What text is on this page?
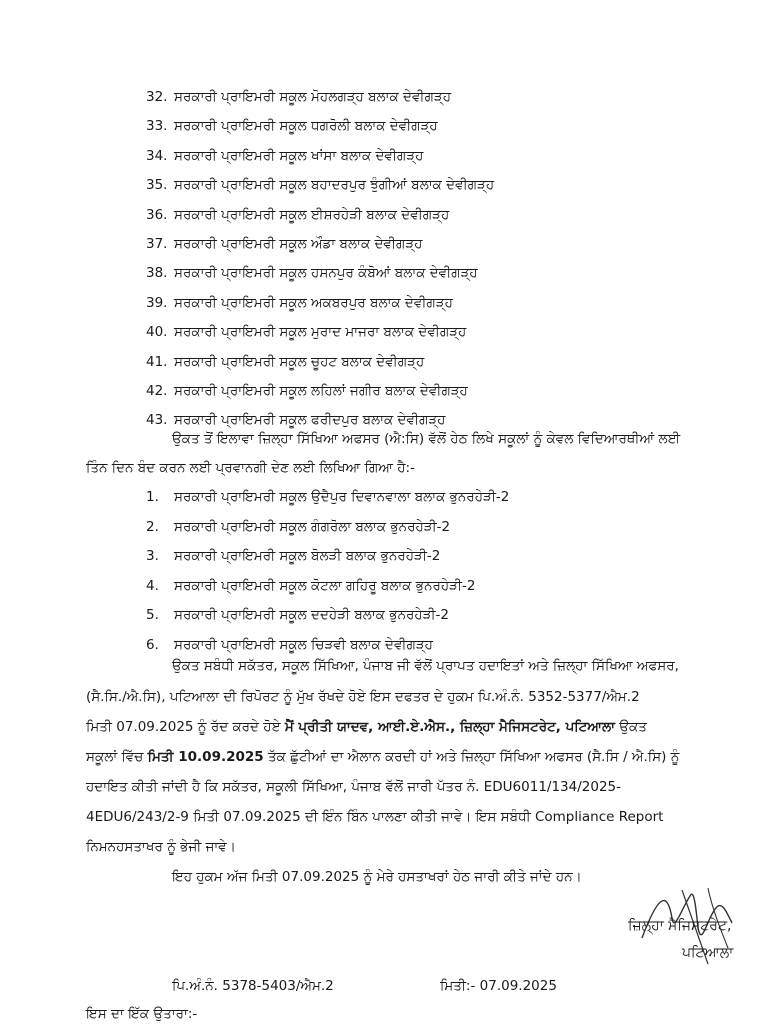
32. ਸਰਕਾਰੀ ਪ੍ਰਾਇਮਰੀ ਸਕੂਲ ਮੋਹਲਗੜ੍ਹ ਬਲਾਕ ਦੇਵੀਗੜ੍ਹ
33. ਸਰਕਾਰੀ ਪ੍ਰਾਇਮਰੀ ਸਕੂਲ ਧਗਰੋਲੀ ਬਲਾਕ ਦੇਵੀਗੜ੍ਹ
34. ਸਰਕਾਰੀ ਪ੍ਰਾਇਮਰੀ ਸਕੂਲ ਖਾਂਸਾ ਬਲਾਕ ਦੇਵੀਗੜ੍ਹ
35. ਸਰਕਾਰੀ ਪ੍ਰਾਇਮਰੀ ਸਕੂਲ ਬਹਾਦਰਪੁਰ ਝੁੰਗੀਆਂ ਬਲਾਕ ਦੇਵੀਗੜ੍ਹ
36. ਸਰਕਾਰੀ ਪ੍ਰਾਇਮਰੀ ਸਕੂਲ ਈਸ਼ਰਹੇੜੀ ਬਲਾਕ ਦੇਵੀਗੜ੍ਹ
37. ਸਰਕਾਰੀ ਪ੍ਰਾਇਮਰੀ ਸਕੂਲ ਔਡਾ ਬਲਾਕ ਦੇਵੀਗੜ੍ਹ
38. ਸਰਕਾਰੀ ਪ੍ਰਾਇਮਰੀ ਸਕੂਲ ਹਸਨਪੁਰ ਕੰਬੋਆਂ ਬਲਾਕ ਦੇਵੀਗੜ੍ਹ
39. ਸਰਕਾਰੀ ਪ੍ਰਾਇਮਰੀ ਸਕੂਲ ਅਕਬਰਪੁਰ ਬਲਾਕ ਦੇਵੀਗੜ੍ਹ
40. ਸਰਕਾਰੀ ਪ੍ਰਾਇਮਰੀ ਸਕੂਲ ਮੁਰਾਦ ਮਾਜਰਾ ਬਲਾਕ ਦੇਵੀਗੜ੍ਹ
41. ਸਰਕਾਰੀ ਪ੍ਰਾਇਮਰੀ ਸਕੂਲ ਚੂਹਟ ਬਲਾਕ ਦੇਵੀਗੜ੍ਹ
42. ਸਰਕਾਰੀ ਪ੍ਰਾਇਮਰੀ ਸਕੂਲ ਲਹਿਲਾਂ ਜਗੀਰ ਬਲਾਕ ਦੇਵੀਗੜ੍ਹ
43. ਸਰਕਾਰੀ ਪ੍ਰਾਇਮਰੀ ਸਕੂਲ ਫਰੀਦਪੁਰ ਬਲਾਕ ਦੇਵੀਗੜ੍ਹ
ਉਕਤ ਤੋਂ ਇਲਾਵਾ ਜ਼ਿਲ੍ਹਾ ਸਿੱਖਿਆ ਅਫਸਰ (ਐ:ਸਿ) ਵੱਲੋਂ ਹੇਠ ਲਿਖੇ ਸਕੂਲਾਂ ਨੂੰ ਕੇਵਲ ਵਿਦਿਆਰਥੀਆਂ ਲਈ
ਤਿੰਨ ਦਿਨ ਬੰਦ ਕਰਨ ਲਈ ਪ੍ਰਵਾਨਗੀ ਦੇਣ ਲਈ ਲਿਖਿਆ ਗਿਆ ਹੈ:-
1. ਸਰਕਾਰੀ ਪ੍ਰਾਇਮਰੀ ਸਕੂਲ ਉਦੈਪੁਰ ਦਿਵਾਨਵਾਲਾ ਬਲਾਕ ਭੁਨਰਹੇੜੀ-2
2. ਸਰਕਾਰੀ ਪ੍ਰਾਇਮਰੀ ਸਕੂਲ ਗੰਗਰੋਲਾ ਬਲਾਕ ਭੁਨਰਹੇੜੀ-2
3. ਸਰਕਾਰੀ ਪ੍ਰਾਇਮਰੀ ਸਕੂਲ ਬੋਲੜੀ ਬਲਾਕ ਭੁਨਰਹੇੜੀ-2
4. ਸਰਕਾਰੀ ਪ੍ਰਾਇਮਰੀ ਸਕੂਲ ਕੋਟਲਾ ਗਹਿਰੂ ਬਲਾਕ ਭੁਨਰਹੇੜੀ-2
5. ਸਰਕਾਰੀ ਪ੍ਰਾਇਮਰੀ ਸਕੂਲ ਦਦਹੇੜੀ ਬਲਾਕ ਭੁਨਰਹੇੜੀ-2
6. ਸਰਕਾਰੀ ਪ੍ਰਾਇਮਰੀ ਸਕੂਲ ਚਿੜਵੀ ਬਲਾਕ ਦੇਵੀਗੜ੍ਹ
ਉਕਤ ਸਬੰਧੀ ਸਕੱਤਰ, ਸਕੂਲ ਸਿੱਖਿਆ, ਪੰਜਾਬ ਜੀ ਵੱਲੋਂ ਪ੍ਰਾਪਤ ਹਦਾਇਤਾਂ ਅਤੇ ਜ਼ਿਲ੍ਹਾ ਸਿੱਖਿਆ ਅਫਸਰ,
(ਸੈ.ਸਿ./ਐ.ਸਿ), ਪਟਿਆਲਾ ਦੀ ਰਿਪੋਰਟ ਨੂੰ ਮੁੱਖ ਰੱਖਦੇ ਹੋਏ ਇਸ ਦਫਤਰ ਦੇ ਹੁਕਮ ਪਿ.ਅੰ.ਨੰ. 5352-5377/ਐਮ.2
ਮਿਤੀ 07.09.2025 ਨੂੰ ਰੱਦ ਕਰਦੇ ਹੋਏ ਮੈਂ ਪ੍ਰੀਤੀ ਯਾਦਵ, ਆਈ.ਏ.ਐਸ., ਜ਼ਿਲ੍ਹਾ ਮੈਜਿਸਟਰੇਟ, ਪਟਿਆਲਾ ਉਕਤ
ਸਕੂਲਾਂ ਵਿੱਚ ਮਿਤੀ 10.09.2025 ਤੱਕ ਛੁੱਟੀਆਂ ਦਾ ਐਲਾਨ ਕਰਦੀ ਹਾਂ ਅਤੇ ਜ਼ਿਲ੍ਹਾ ਸਿੱਖਿਆ ਅਫਸਰ (ਸੈ.ਸਿ / ਐ.ਸਿ) ਨੂੰ
ਹਦਾਇਤ ਕੀਤੀ ਜਾਂਦੀ ਹੈ ਕਿ ਸਕੱਤਰ, ਸਕੂਲੀ ਸਿੱਖਿਆ, ਪੰਜਾਬ ਵੱਲੋਂ ਜਾਰੀ ਪੱਤਰ ਨੰ. EDU6011/134/2025-
4EDU6/243/2-9 ਮਿਤੀ 07.09.2025 ਦੀ ਇੰਨ ਬਿੰਨ ਪਾਲਣਾ ਕੀਤੀ ਜਾਵੇ। ਇਸ ਸਬੰਧੀ Compliance Report
ਨਿਮਨਹਸਤਾਖਰ ਨੂੰ ਭੇਜੀ ਜਾਵੇ।
ਇਹ ਹੁਕਮ ਅੱਜ ਮਿਤੀ 07.09.2025 ਨੂੰ ਮੇਰੇ ਹਸਤਾਖਰਾਂ ਹੇਠ ਜਾਰੀ ਕੀਤੇ ਜਾਂਦੇ ਹਨ।
ਜ਼ਿਲ੍ਹਾ ਮੈਜਿਸਟਰੇਟ,
ਪਟਿਆਲਾ
ਪਿ.ਅੰ.ਨੰ. 5378-5403/ਐਮ.2	ਮਿਤੀ:- 07.09.2025
ਇਸ ਦਾ ਇੱਕ ਉਤਾਰਾ:-
